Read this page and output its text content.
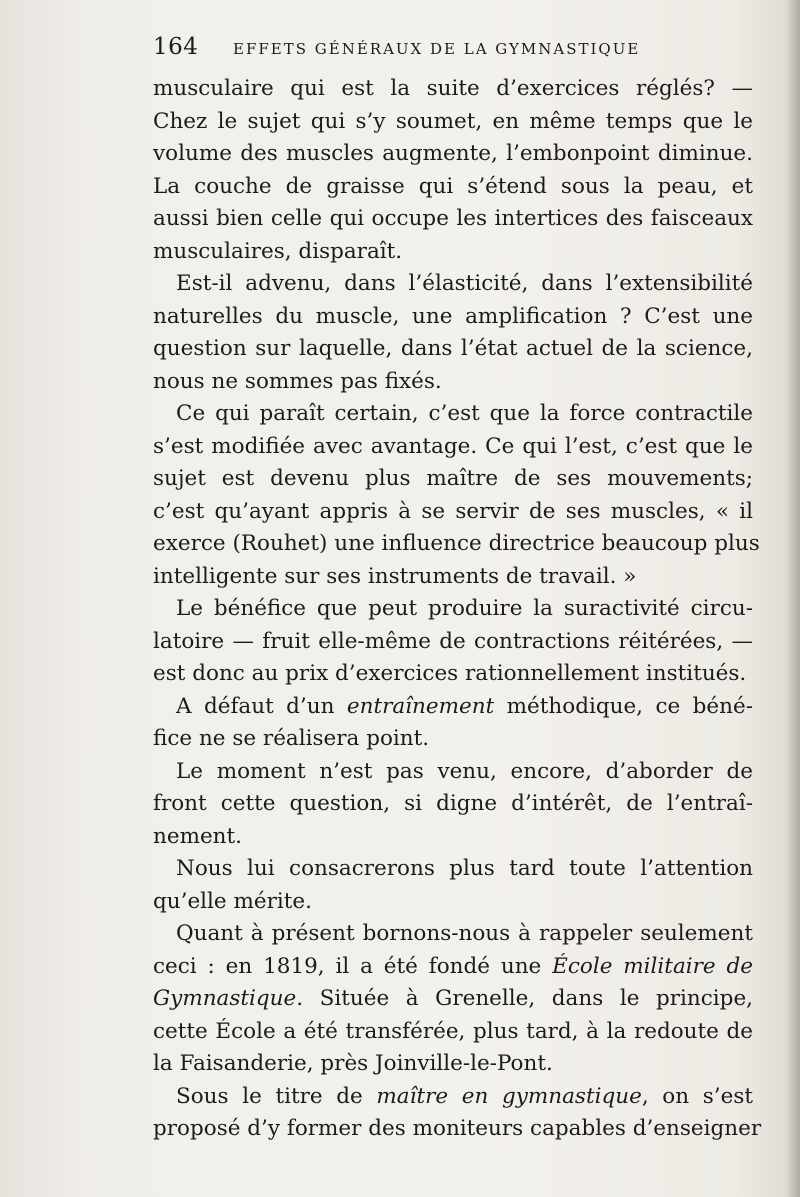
164 EFFETS GÉNÉRAUX DE LA GYMNASTIQUE
musculaire qui est la suite d’exercices réglés? —
Chez le sujet qui s’y soumet, en même temps que le
volume des muscles augmente, l’embonpoint diminue.
La couche de graisse qui s’étend sous la peau, et
aussi bien celle qui occupe les intertices des faisceaux
musculaires, disparaît.
Est-il advenu, dans l’élasticité, dans l’extensibilité
naturelles du muscle, une amplification ? C’est une
question sur laquelle, dans l’état actuel de la science,
nous ne sommes pas fixés.
Ce qui paraît certain, c’est que la force contractile
s’est modifiée avec avantage. Ce qui l’est, c’est que le
sujet est devenu plus maître de ses mouvements;
c’est qu’ayant appris à se servir de ses muscles, « il
exerce (Rouhet) une influence directrice beaucoup plus
intelligente sur ses instruments de travail. »
Le bénéfice que peut produire la suractivité circu-
latoire — fruit elle-même de contractions réitérées, —
est donc au prix d’exercices rationnellement institués.
A défaut d’un entraînement méthodique, ce béné-
fice ne se réalisera point.
Le moment n’est pas venu, encore, d’aborder de
front cette question, si digne d’intérêt, de l’entraî-
nement.
Nous lui consacrerons plus tard toute l’attention
qu’elle mérite.
Quant à présent bornons-nous à rappeler seulement
ceci : en 1819, il a été fondé une École militaire de
Gymnastique. Située à Grenelle, dans le principe,
cette École a été transférée, plus tard, à la redoute de
la Faisanderie, près Joinville-le-Pont.
Sous le titre de maître en gymnastique, on s’est
proposé d’y former des moniteurs capables d’enseigner
